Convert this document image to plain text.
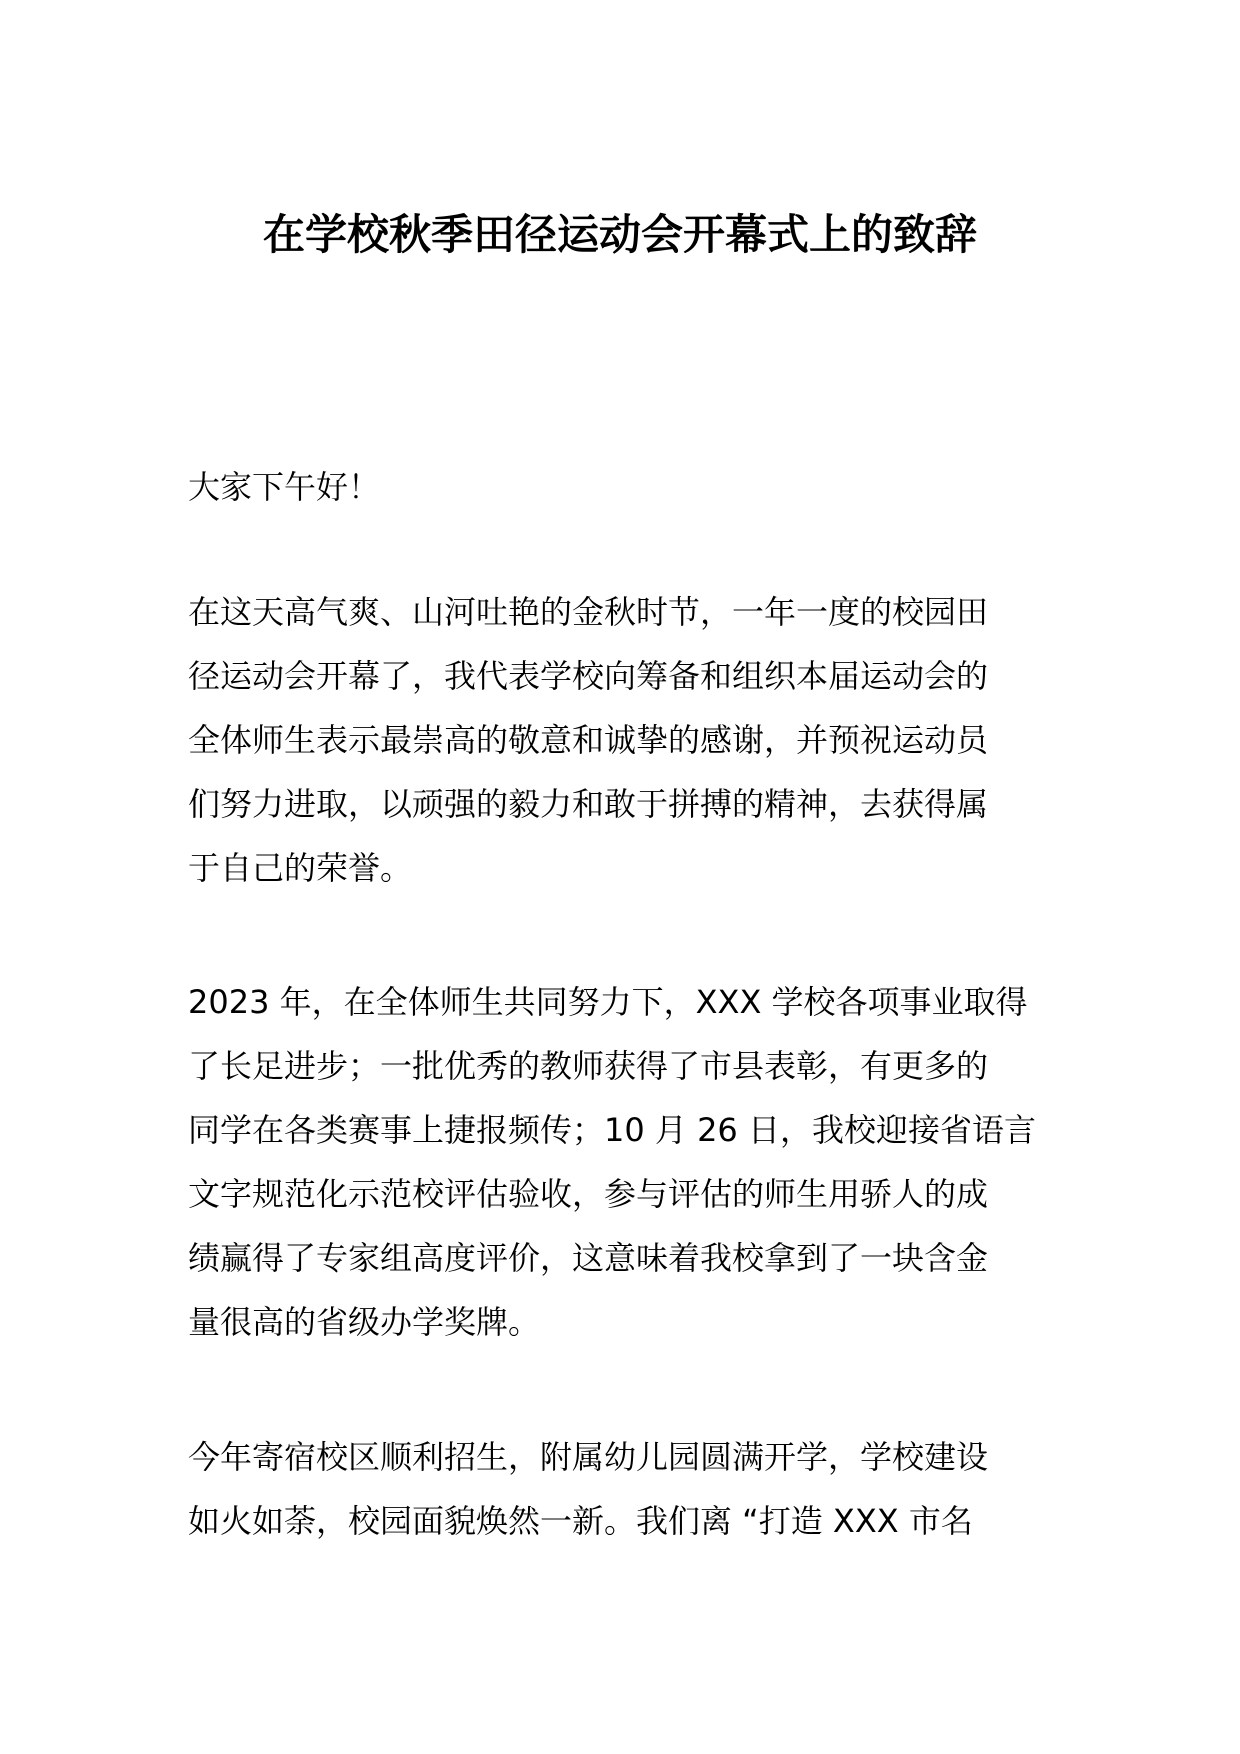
在学校秋季田径运动会开幕式上的致辞

大家下午好！

在这天高气爽、山河吐艳的金秋时节，一年一度的校园田
径运动会开幕了，我代表学校向筹备和组织本届运动会的
全体师生表示最崇高的敬意和诚挚的感谢，并预祝运动员
们努力进取，以顽强的毅力和敢于拼搏的精神，去获得属
于自己的荣誉。

2023 年，在全体师生共同努力下，XXX 学校各项事业取得
了长足进步；一批优秀的教师获得了市县表彰，有更多的
同学在各类赛事上捷报频传；10 月 26 日，我校迎接省语言
文字规范化示范校评估验收，参与评估的师生用骄人的成
绩赢得了专家组高度评价，这意味着我校拿到了一块含金
量很高的省级办学奖牌。

今年寄宿校区顺利招生，附属幼儿园圆满开学，学校建设
如火如荼，校园面貌焕然一新。我们离 “打造 XXX 市名
